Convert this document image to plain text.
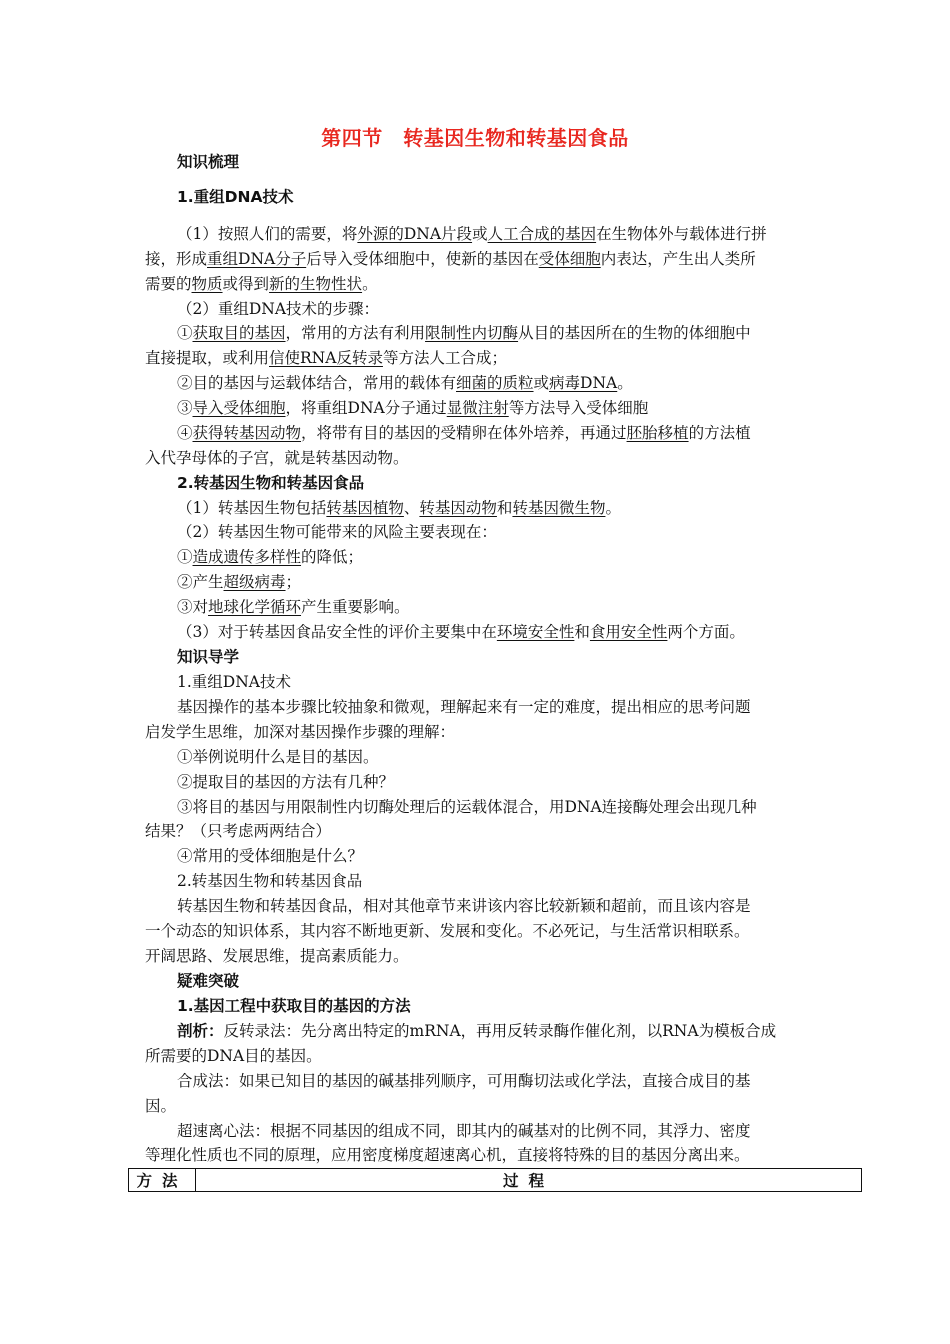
第四节　转基因生物和转基因食品
知识梳理
1.重组DNA技术
（1）按照人们的需要，将外源的DNA片段或人工合成的基因在生物体外与载体进行拼
接，形成重组DNA分子后导入受体细胞中，使新的基因在受体细胞内表达，产生出人类所
需要的物质或得到新的生物性状。
（2）重组DNA技术的步骤：
①获取目的基因，常用的方法有利用限制性内切酶从目的基因所在的生物的体细胞中
直接提取，或利用信使RNA反转录等方法人工合成；
②目的基因与运载体结合，常用的载体有细菌的质粒或病毒DNA。
③导入受体细胞，将重组DNA分子通过显微注射等方法导入受体细胞
④获得转基因动物，将带有目的基因的受精卵在体外培养，再通过胚胎移植的方法植
入代孕母体的子宫，就是转基因动物。
2.转基因生物和转基因食品
（1）转基因生物包括转基因植物、转基因动物和转基因微生物。
（2）转基因生物可能带来的风险主要表现在：
①造成遗传多样性的降低；
②产生超级病毒；
③对地球化学循环产生重要影响。
（3）对于转基因食品安全性的评价主要集中在环境安全性和食用安全性两个方面。
知识导学
1.重组DNA技术
基因操作的基本步骤比较抽象和微观，理解起来有一定的难度，提出相应的思考问题
启发学生思维，加深对基因操作步骤的理解：
①举例说明什么是目的基因。
②提取目的基因的方法有几种？
③将目的基因与用限制性内切酶处理后的运载体混合，用DNA连接酶处理会出现几种
结果？（只考虑两两结合）
④常用的受体细胞是什么？
2.转基因生物和转基因食品
转基因生物和转基因食品，相对其他章节来讲该内容比较新颖和超前，而且该内容是
一个动态的知识体系，其内容不断地更新、发展和变化。不必死记，与生活常识相联系。
开阔思路、发展思维，提高素质能力。
疑难突破
1.基因工程中获取目的基因的方法
剖析：反转录法：先分离出特定的mRNA，再用反转录酶作催化剂，以RNA为模板合成
所需要的DNA目的基因。
合成法：如果已知目的基因的碱基排列顺序，可用酶切法或化学法，直接合成目的基
因。
超速离心法：根据不同基因的组成不同，即其内的碱基对的比例不同，其浮力、密度
等理化性质也不同的原理，应用密度梯度超速离心机，直接将特殊的目的基因分离出来。
方法	过程
